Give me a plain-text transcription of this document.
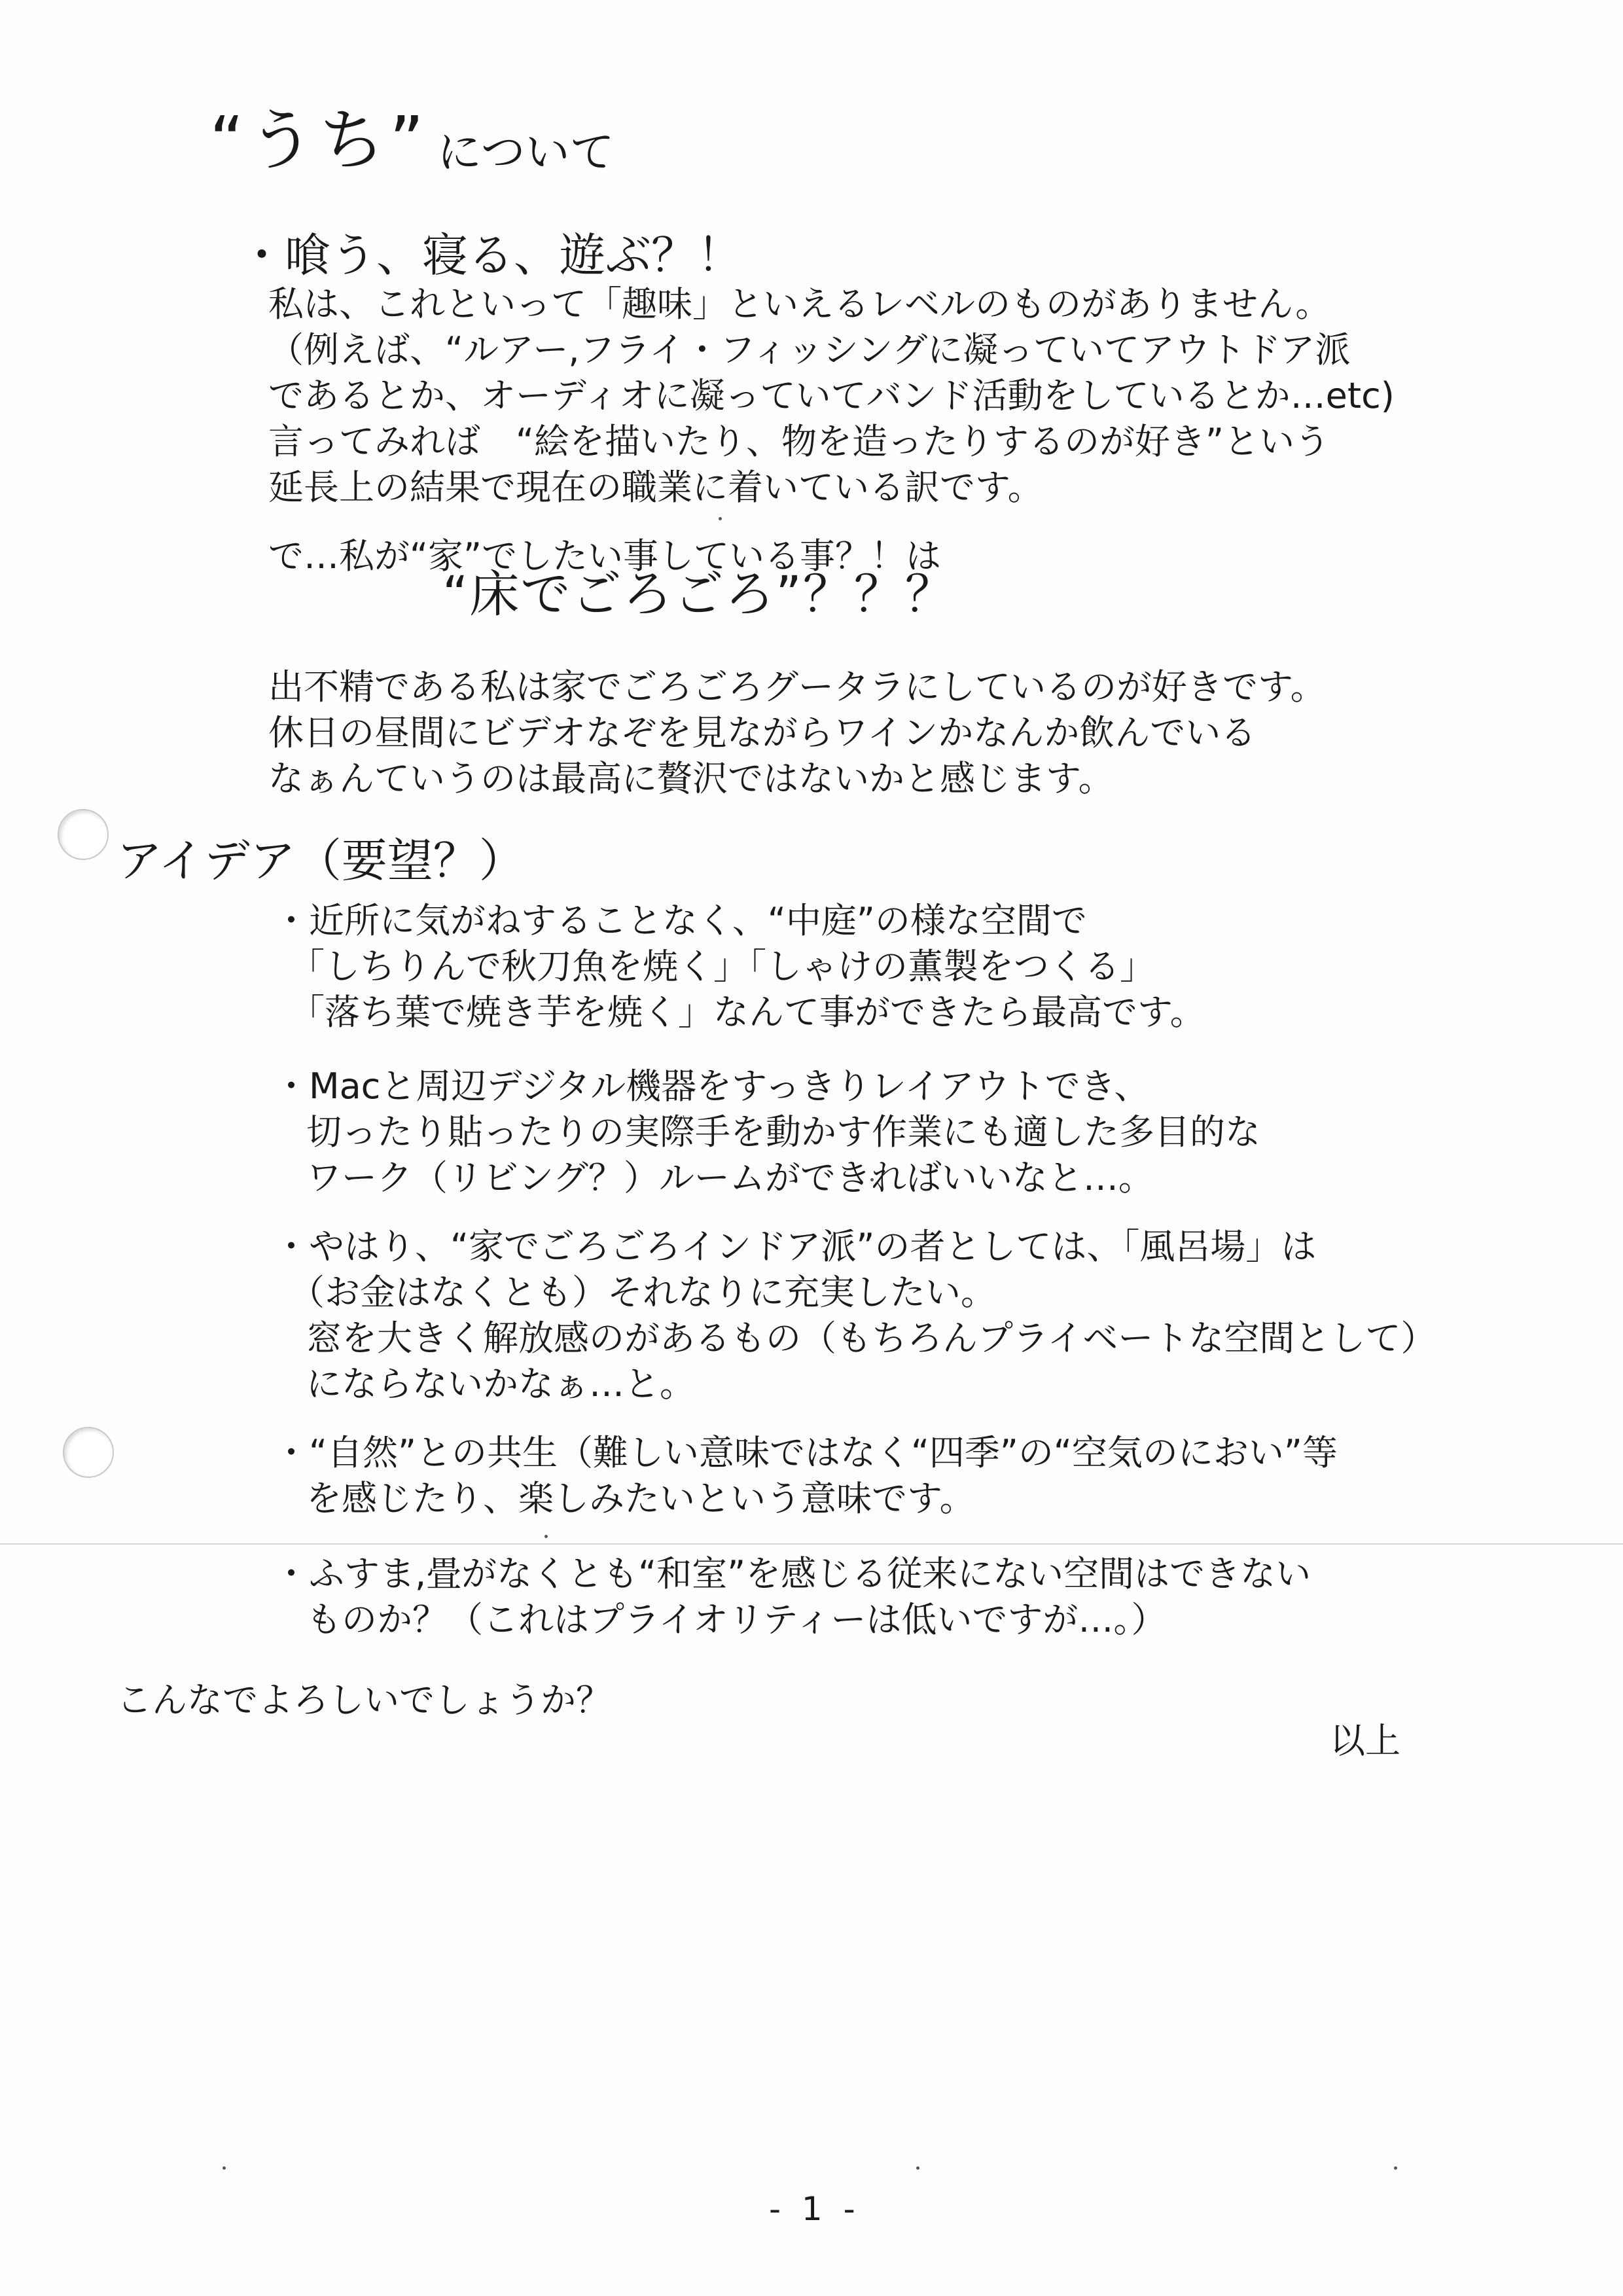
“うち” について
・喰う、寝る、遊ぶ？！
私は、これといって「趣味」といえるレベルのものがありません。
（例えば、“ルアー,フライ・フィッシングに凝っていてアウトドア派
であるとか、オーディオに凝っていてバンド活動をしているとか…etc)
言ってみれば　“絵を描いたり、物を造ったりするのが好き”という
延長上の結果で現在の職業に着いている訳です。
で…私が“家”でしたい事している事？！は
“床でごろごろ”？？？
出不精である私は家でごろごろグータラにしているのが好きです。
休日の昼間にビデオなぞを見ながらワインかなんか飲んでいる
なぁんていうのは最高に贅沢ではないかと感じます。
アイデア（要望？）
・近所に気がねすることなく、“中庭”の様な空間で
「しちりんで秋刀魚を焼く」「しゃけの薫製をつくる」
「落ち葉で焼き芋を焼く」なんて事ができたら最高です。
・Macと周辺デジタル機器をすっきりレイアウトでき、
切ったり貼ったりの実際手を動かす作業にも適した多目的な
ワーク（リビング？）ルームができればいいなと…。
・やはり、“家でごろごろインドア派”の者としては、「風呂場」は
（お金はなくとも）それなりに充実したい。
窓を大きく解放感のがあるもの（もちろんプライベートな空間として）
にならないかなぁ…と。
・“自然”との共生（難しい意味ではなく“四季”の“空気のにおい”等
を感じたり、楽しみたいという意味です。
・ふすま,畳がなくとも“和室”を感じる従来にない空間はできない
ものか？（これはプライオリティーは低いですが…。）
こんなでよろしいでしょうか？
以上
- 1 -
